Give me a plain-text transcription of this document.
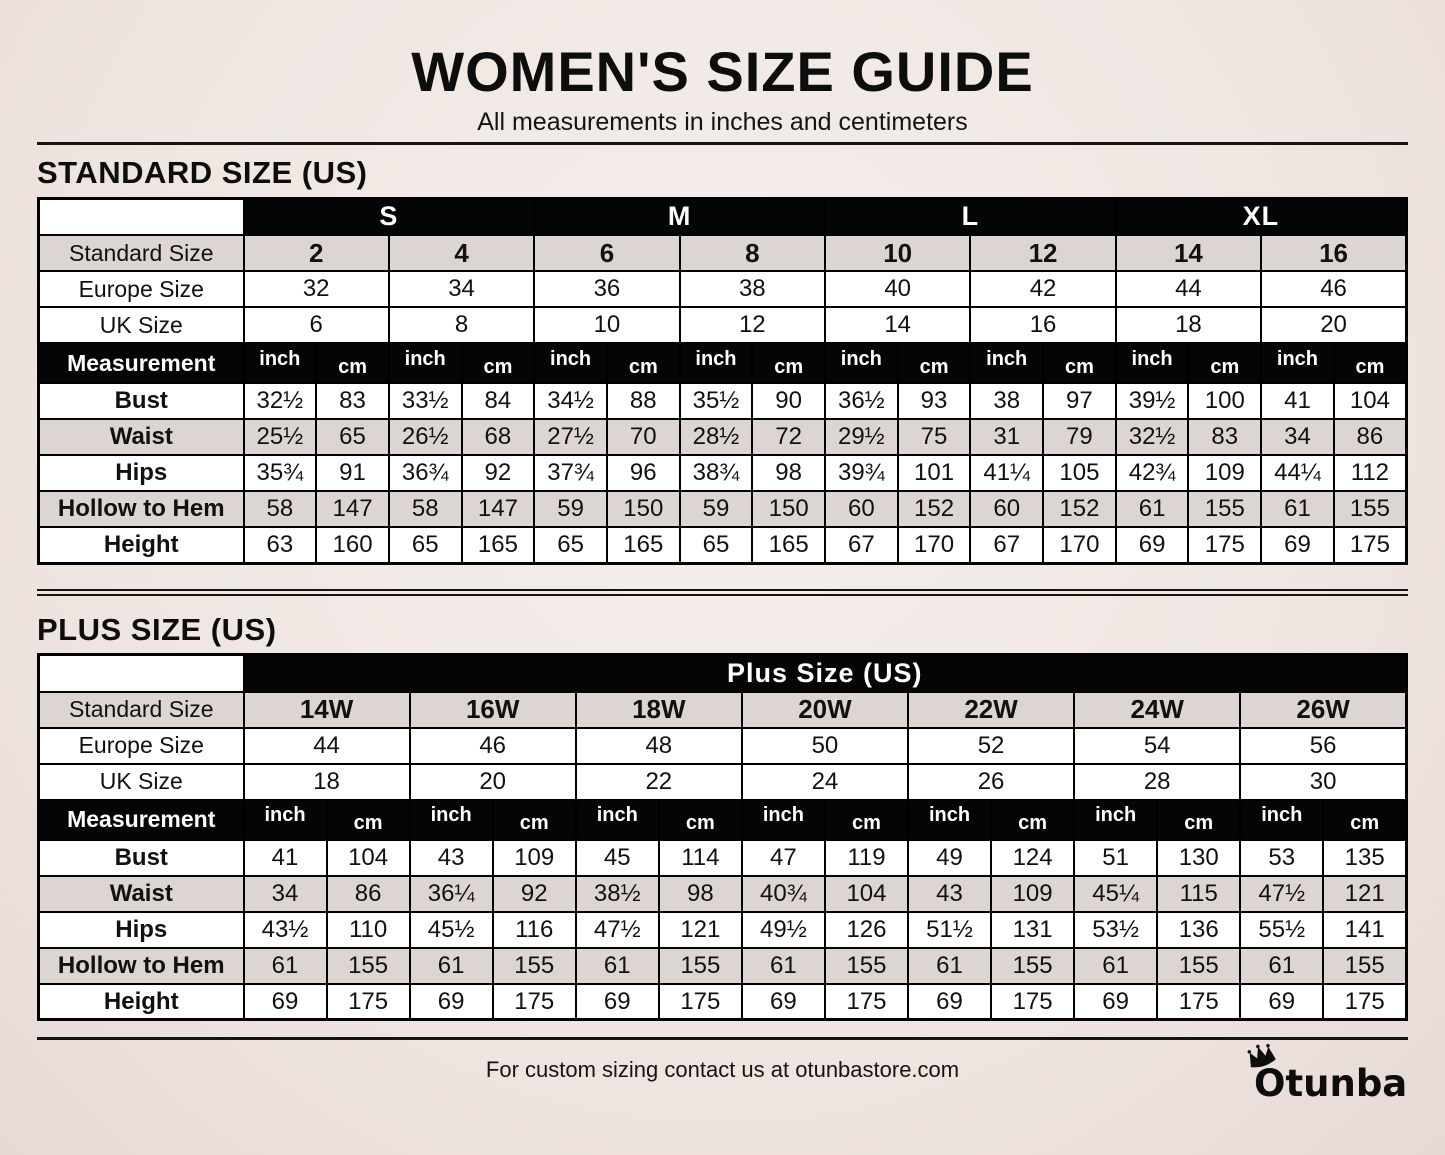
WOMEN'S SIZE GUIDE
All measurements in inches and centimeters
STANDARD SIZE (US)
	S				M				L				XL			
Standard Size	2		4		6		8		10		12		14		16	
Europe Size	32		34		36		38		40		42		44		46	
UK Size	6		8		10		12		14		16		18		20	
Measurement	inch	cm	inch	cm	inch	cm	inch	cm	inch	cm	inch	cm	inch	cm	inch	cm
Bust	32½	83	33½	84	34½	88	35½	90	36½	93	38	97	39½	100	41	104
Waist	25½	65	26½	68	27½	70	28½	72	29½	75	31	79	32½	83	34	86
Hips	35¾	91	36¾	92	37¾	96	38¾	98	39¾	101	41¼	105	42¾	109	44¼	112
Hollow to Hem	58	147	58	147	59	150	59	150	60	152	60	152	61	155	61	155
Height	63	160	65	165	65	165	65	165	67	170	67	170	69	175	69	175
PLUS SIZE (US)
	Plus Size (US)													
Standard Size	14W		16W		18W		20W		22W		24W		26W	
Europe Size	44		46		48		50		52		54		56	
UK Size	18		20		22		24		26		28		30	
Measurement	inch	cm	inch	cm	inch	cm	inch	cm	inch	cm	inch	cm	inch	cm
Bust	41	104	43	109	45	114	47	119	49	124	51	130	53	135
Waist	34	86	36¼	92	38½	98	40¾	104	43	109	45¼	115	47½	121
Hips	43½	110	45½	116	47½	121	49½	126	51½	131	53½	136	55½	141
Hollow to Hem	61	155	61	155	61	155	61	155	61	155	61	155	61	155
Height	69	175	69	175	69	175	69	175	69	175	69	175	69	175
For custom sizing contact us at otunbastore.com	Otunba
